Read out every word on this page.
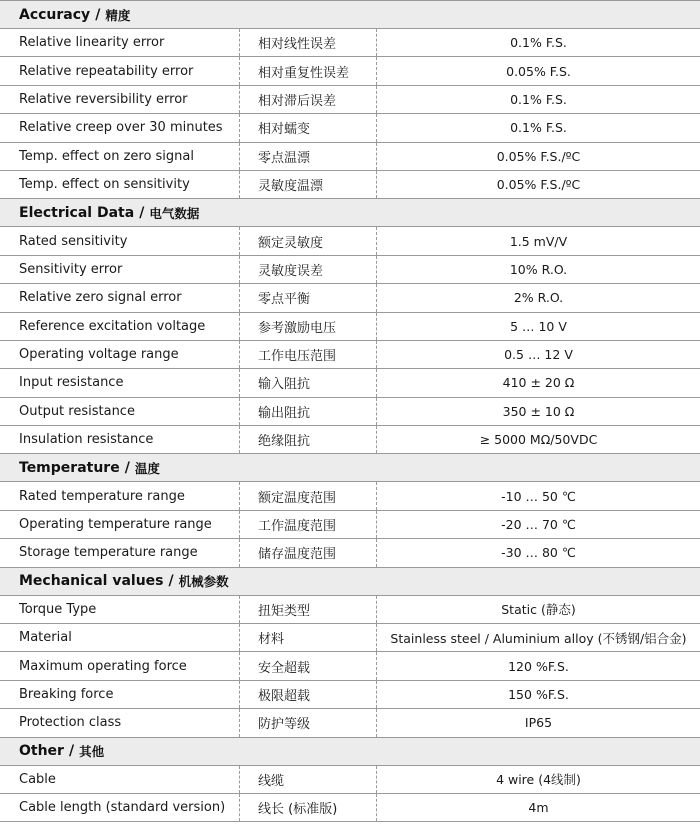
Accuracy / 精度
Relative linearity error	相对线性误差	0.1% F.S.
Relative repeatability error	相对重复性误差	0.05% F.S.
Relative reversibility error	相对滞后误差	0.1% F.S.
Relative creep over 30 minutes	相对蠕变	0.1% F.S.
Temp. effect on zero signal	零点温漂	0.05% F.S./ºC
Temp. effect on sensitivity	灵敏度温漂	0.05% F.S./ºC
Electrical Data / 电气数据
Rated sensitivity	额定灵敏度	1.5 mV/V
Sensitivity error	灵敏度误差	10% R.O.
Relative zero signal error	零点平衡	2% R.O.
Reference excitation voltage	参考激励电压	5 … 10 V
Operating voltage range	工作电压范围	0.5 … 12 V
Input resistance	输入阻抗	410 ± 20 Ω
Output resistance	输出阻抗	350 ± 10 Ω
Insulation resistance	绝缘阻抗	≥ 5000 MΩ/50VDC
Temperature / 温度
Rated temperature range	额定温度范围	-10 … 50 ℃
Operating temperature range	工作温度范围	-20 … 70 ℃
Storage temperature range	储存温度范围	-30 … 80 ℃
Mechanical values / 机械参数
Torque Type	扭矩类型	Static (静态)
Material	材料	Stainless steel / Aluminium alloy (不锈钢/铝合金)
Maximum operating force	安全超载	120 %F.S.
Breaking force	极限超载	150 %F.S.
Protection class	防护等级	IP65
Other / 其他
Cable	线缆	4 wire (4线制)
Cable length (standard version)	线长 (标准版)	4m
